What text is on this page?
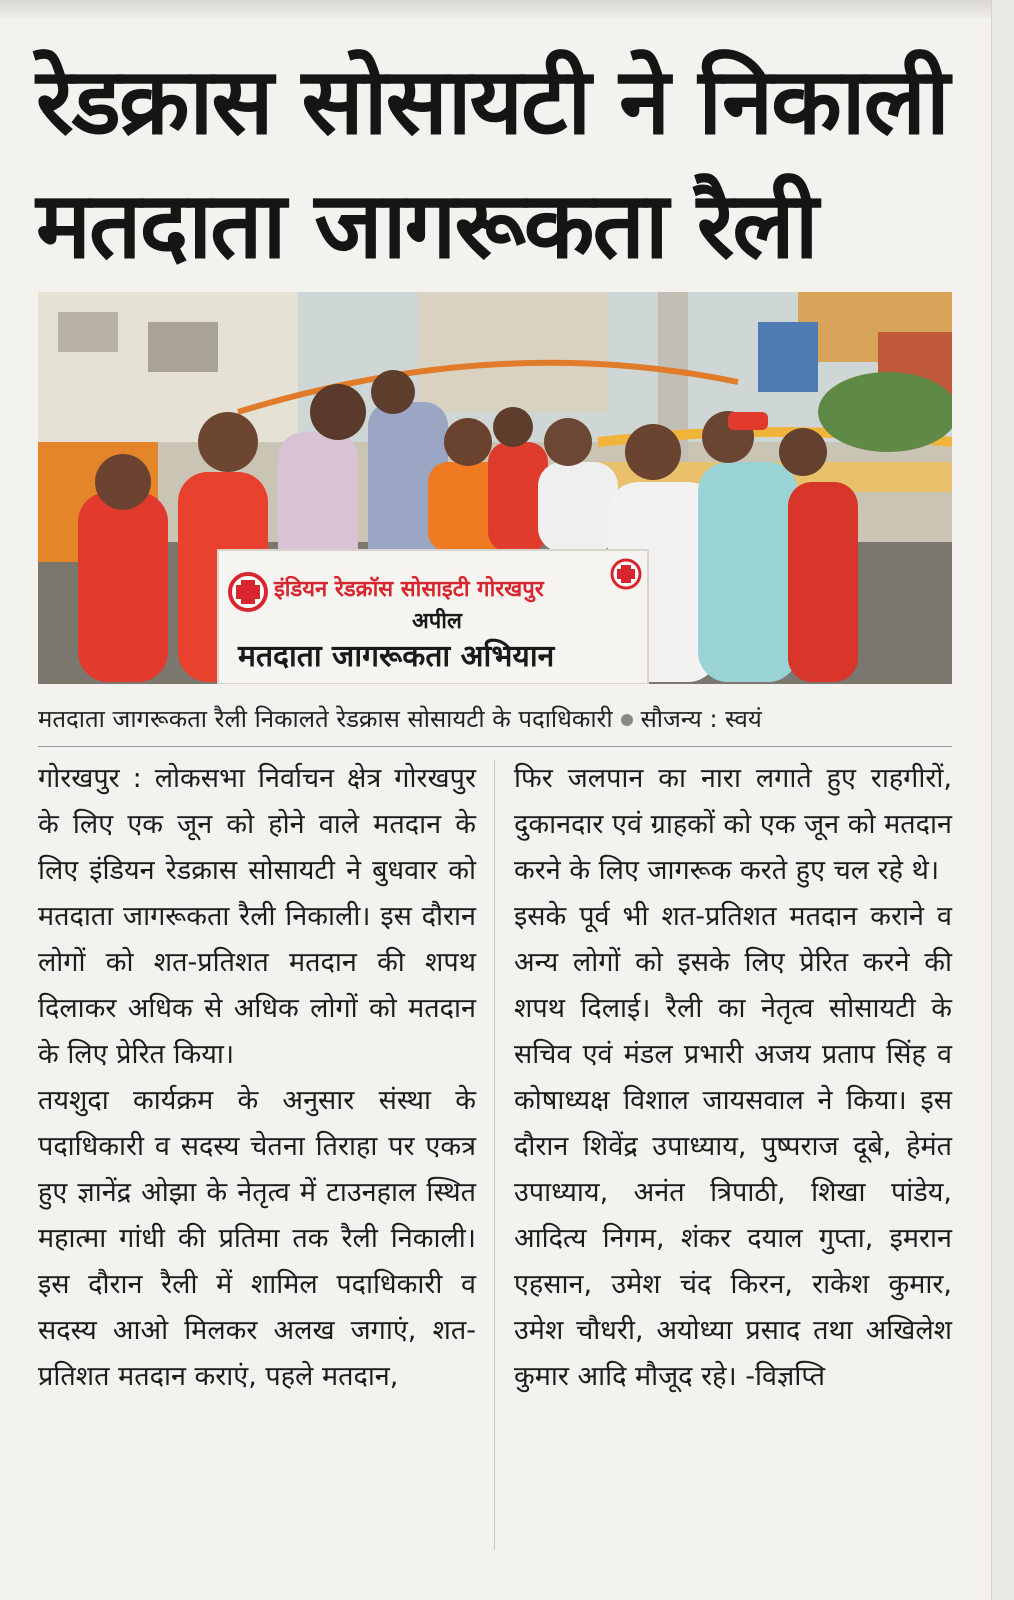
रेडक्रास सोसायटी ने निकाली मतदाता जागरूकता रैली
इंडियन रेडक्रॉस सोसाइटी गोरखपुर
अपील
मतदाता जागरूकता अभियान
मतदाता जागरूकता रैली निकालते रेडक्रास सोसायटी के पदाधिकारी सौजन्य : स्वयं

गोरखपुर : लोकसभा निर्वाचन क्षेत्र गोरखपुर के लिए एक जून को होने वाले मतदान के लिए इंडियन रेडक्रास सोसायटी ने बुधवार को मतदाता जागरूकता रैली निकाली। इस दौरान लोगों को शत-प्रतिशत मतदान की शपथ दिलाकर अधिक से अधिक लोगों को मतदान के लिए प्रेरित किया।

तयशुदा कार्यक्रम के अनुसार संस्था के पदाधिकारी व सदस्य चेतना तिराहा पर एकत्र हुए ज्ञानेंद्र ओझा के नेतृत्व में टाउनहाल स्थित महात्मा गांधी की प्रतिमा तक रैली निकाली। इस दौरान रैली में शामिल पदाधिकारी व सदस्य आओ मिलकर अलख जगाएं, शत-प्रतिशत मतदान कराएं, पहले मतदान,

फिर जलपान का नारा लगाते हुए राहगीरों, दुकानदार एवं ग्राहकों को एक जून को मतदान करने के लिए जागरूक करते हुए चल रहे थे।

इसके पूर्व भी शत-प्रतिशत मतदान कराने व अन्य लोगों को इसके लिए प्रेरित करने की शपथ दिलाई। रैली का नेतृत्व सोसायटी के सचिव एवं मंडल प्रभारी अजय प्रताप सिंह व कोषाध्यक्ष विशाल जायसवाल ने किया। इस दौरान शिवेंद्र उपाध्याय, पुष्पराज दूबे, हेमंत उपाध्याय, अनंत त्रिपाठी, शिखा पांडेय, आदित्य निगम, शंकर दयाल गुप्ता, इमरान एहसान, उमेश चंद किरन, राकेश कुमार, उमेश चौधरी, अयोध्या प्रसाद तथा अखिलेश कुमार आदि मौजूद रहे। -विज्ञप्ति
